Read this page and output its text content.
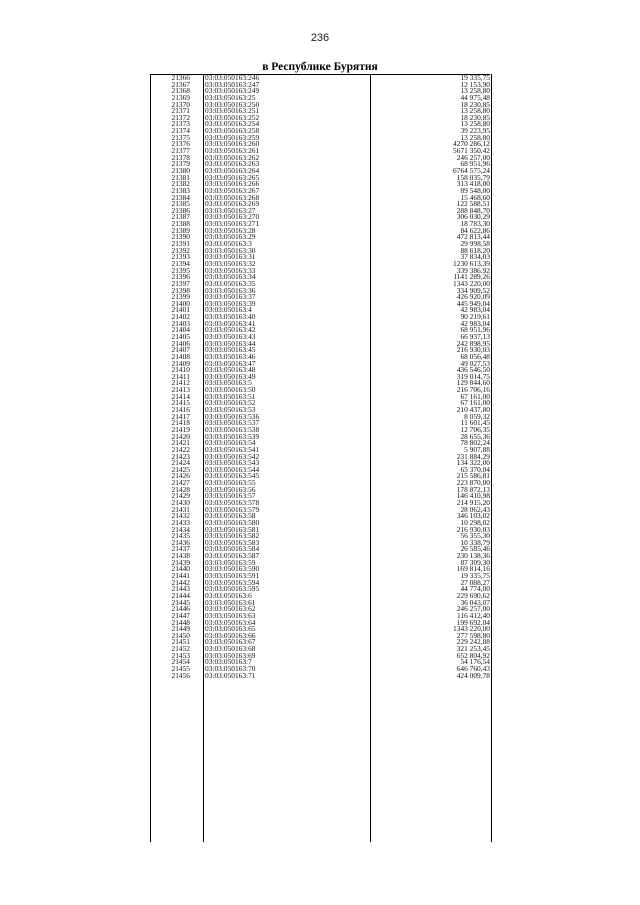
236
в Республике Бурятия
21366 03:03:050163:246	19 335,75
21367 03:03:050163:247	12 153,90
21368 03:03:050163:249	13 258,80
21369 03:03:050163:25	44 975,48
21370 03:03:050163:250	18 230,85
21371 03:03:050163:251	13 258,80
21372 03:03:050163:252	18 230,85
21373 03:03:050163:254	13 258,80
21374 03:03:050163:258	39 223,95
21375 03:03:050163:259	13 258,80
21376 03:03:050163:260	4270 286,12
21377 03:03:050163:261	5671 350,42
21378 03:03:050163:262	246 257,00
21379 03:03:050163:263	68 951,96
21380 03:03:050163:264	6764 575,24
21381 03:03:050163:265	158 035,79
21382 03:03:050163:266	313 418,00
21383 03:03:050163:267	89 548,00
21384 03:03:050163:268	15 468,60
21385 03:03:050163:269	122 588,51
21386 03:03:050163:27	288 848,70
21387 03:03:050163:270	306 030,29
21388 03:03:050163:271	18 783,30
21389 03:03:050163:28	84 622,86
21390 03:03:050163:29	472 813,44
21391 03:03:050163:3	29 998,58
21392 03:03:050163:30	88 618,20
21393 03:03:050163:31	37 834,03
21394 03:03:050163:32	1230 613,39
21395 03:03:050163:33	339 386,92
21396 03:03:050163:34	1141 289,26
21397 03:03:050163:35	1343 220,00
21398 03:03:050163:36	334 909,52
21399 03:03:050163:37	426 920,09
21400 03:03:050163:39	445 949,04
21401 03:03:050163:4	42 983,04
21402 03:03:050163:40	90 219,61
21403 03:03:050163:41	42 983,04
21404 03:03:050163:42	68 951,96
21405 03:03:050163:43	66 937,13
21406 03:03:050163:44	242 898,95
21407 03:03:050163:45	216 930,03
21408 03:03:050163:46	68 056,48
21409 03:03:050163:47	49 027,53
21410 03:03:050163:48	436 546,50
21411 03:03:050163:49	319 014,75
21412 03:03:050163:5	129 844,60
21413 03:03:050163:50	216 706,16
21414 03:03:050163:51	67 161,00
21415 03:03:050163:52	67 161,00
21416 03:03:050163:53	210 437,80
21417 03:03:050163:536	8 059,32
21418 03:03:050163:537	11 601,45
21419 03:03:050163:538	12 706,35
21420 03:03:050163:539	28 655,36
21421 03:03:050163:54	78 802,24
21422 03:03:050163:541	5 907,88
21423 03:03:050163:542	231 884,29
21424 03:03:050163:543	134 322,00
21425 03:03:050163:544	65 370,04
21426 03:03:050163:545	215 586,81
21427 03:03:050163:55	223 870,00
21428 03:03:050163:56	178 872,13
21429 03:03:050163:57	146 410,98
21430 03:03:050163:578	214 915,20
21431 03:03:050163:579	28 062,43
21432 03:03:050163:58	346 103,02
21433 03:03:050163:580	10 298,02
21434 03:03:050163:581	216 930,03
21435 03:03:050163:582	56 355,30
21436 03:03:050163:583	10 338,79
21437 03:03:050163:584	26 585,46
21438 03:03:050163:587	230 138,36
21439 03:03:050163:59	87 309,30
21440 03:03:050163:590	169 814,16
21441 03:03:050163:591	19 335,75
21442 03:03:050163:594	27 088,27
21443 03:03:050163:595	44 774,00
21444 03:03:050163:6	229 690,62
21445 03:03:050163:61	36 043,07
21446 03:03:050163:62	246 257,00
21447 03:03:050163:63	116 412,40
21448 03:03:050163:64	199 692,04
21449 03:03:050163:65	1343 220,00
21450 03:03:050163:66	277 598,80
21451 03:03:050163:67	229 242,88
21452 03:03:050163:68	321 253,45
21453 03:03:050163:69	652 804,92
21454 03:03:050163:7	54 176,54
21455 03:03:050163:70	646 760,43
21456 03:03:050163:71	424 009,78
